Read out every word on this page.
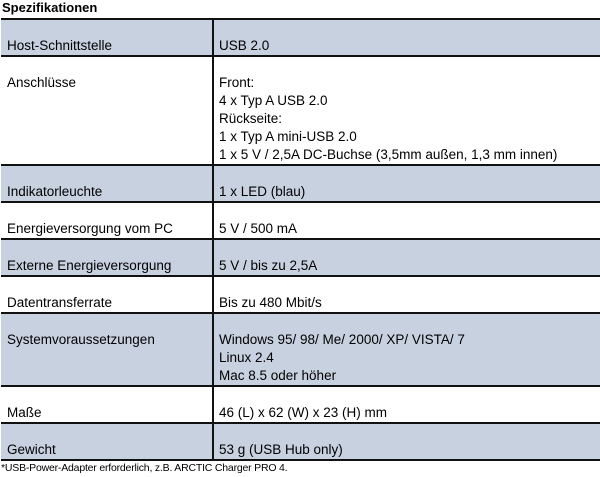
Spezifikationen
Host-Schnittstelle	USB 2.0

Anschlüsse	Front:
4 x Typ A USB 2.0
Rückseite:
1 x Typ A mini-USB 2.0
1 x 5 V / 2,5A DC-Buchse (3,5mm außen, 1,3 mm innen)

Indikatorleuchte	1 x LED (blau)

Energieversorgung vom PC	5 V / 500 mA

Externe Energieversorgung	5 V / bis zu 2,5A

Datentransferrate	Bis zu 480 Mbit/s

Systemvoraussetzungen	Windows 95/ 98/ Me/ 2000/ XP/ VISTA/ 7
Linux 2.4
Mac 8.5 oder höher

Maße	46 (L) x 62 (W) x 23 (H) mm

Gewicht	53 g (USB Hub only)
*USB-Power-Adapter erforderlich, z.B. ARCTIC Charger PRO 4.
